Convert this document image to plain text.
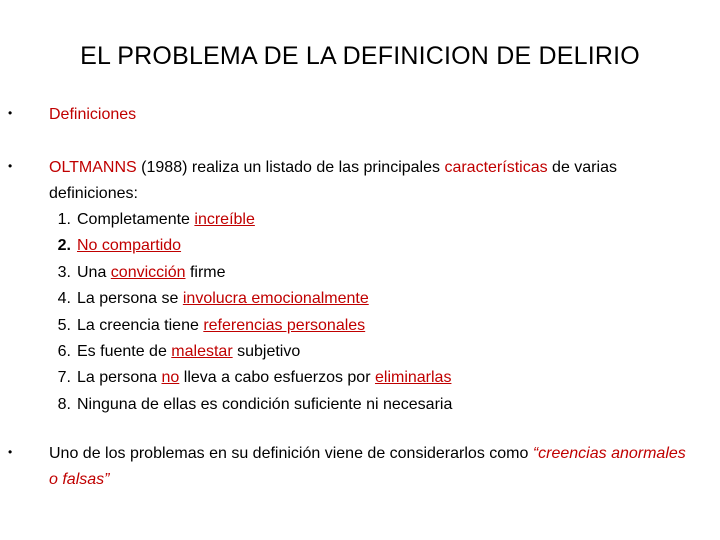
EL PROBLEMA DE LA DEFINICION DE DELIRIO
• Definiciones
• OLTMANNS (1988) realiza un listado de las principales características de varias definiciones:
1. Completamente increíble
2. No compartido
3. Una convicción firme
4. La persona se involucra emocionalmente
5. La creencia tiene referencias personales
6. Es fuente de malestar subjetivo
7. La persona no lleva a cabo esfuerzos por eliminarlas
8. Ninguna de ellas es condición suficiente ni necesaria
• Uno de los problemas en su definición viene de considerarlos como “creencias anormales o falsas”
